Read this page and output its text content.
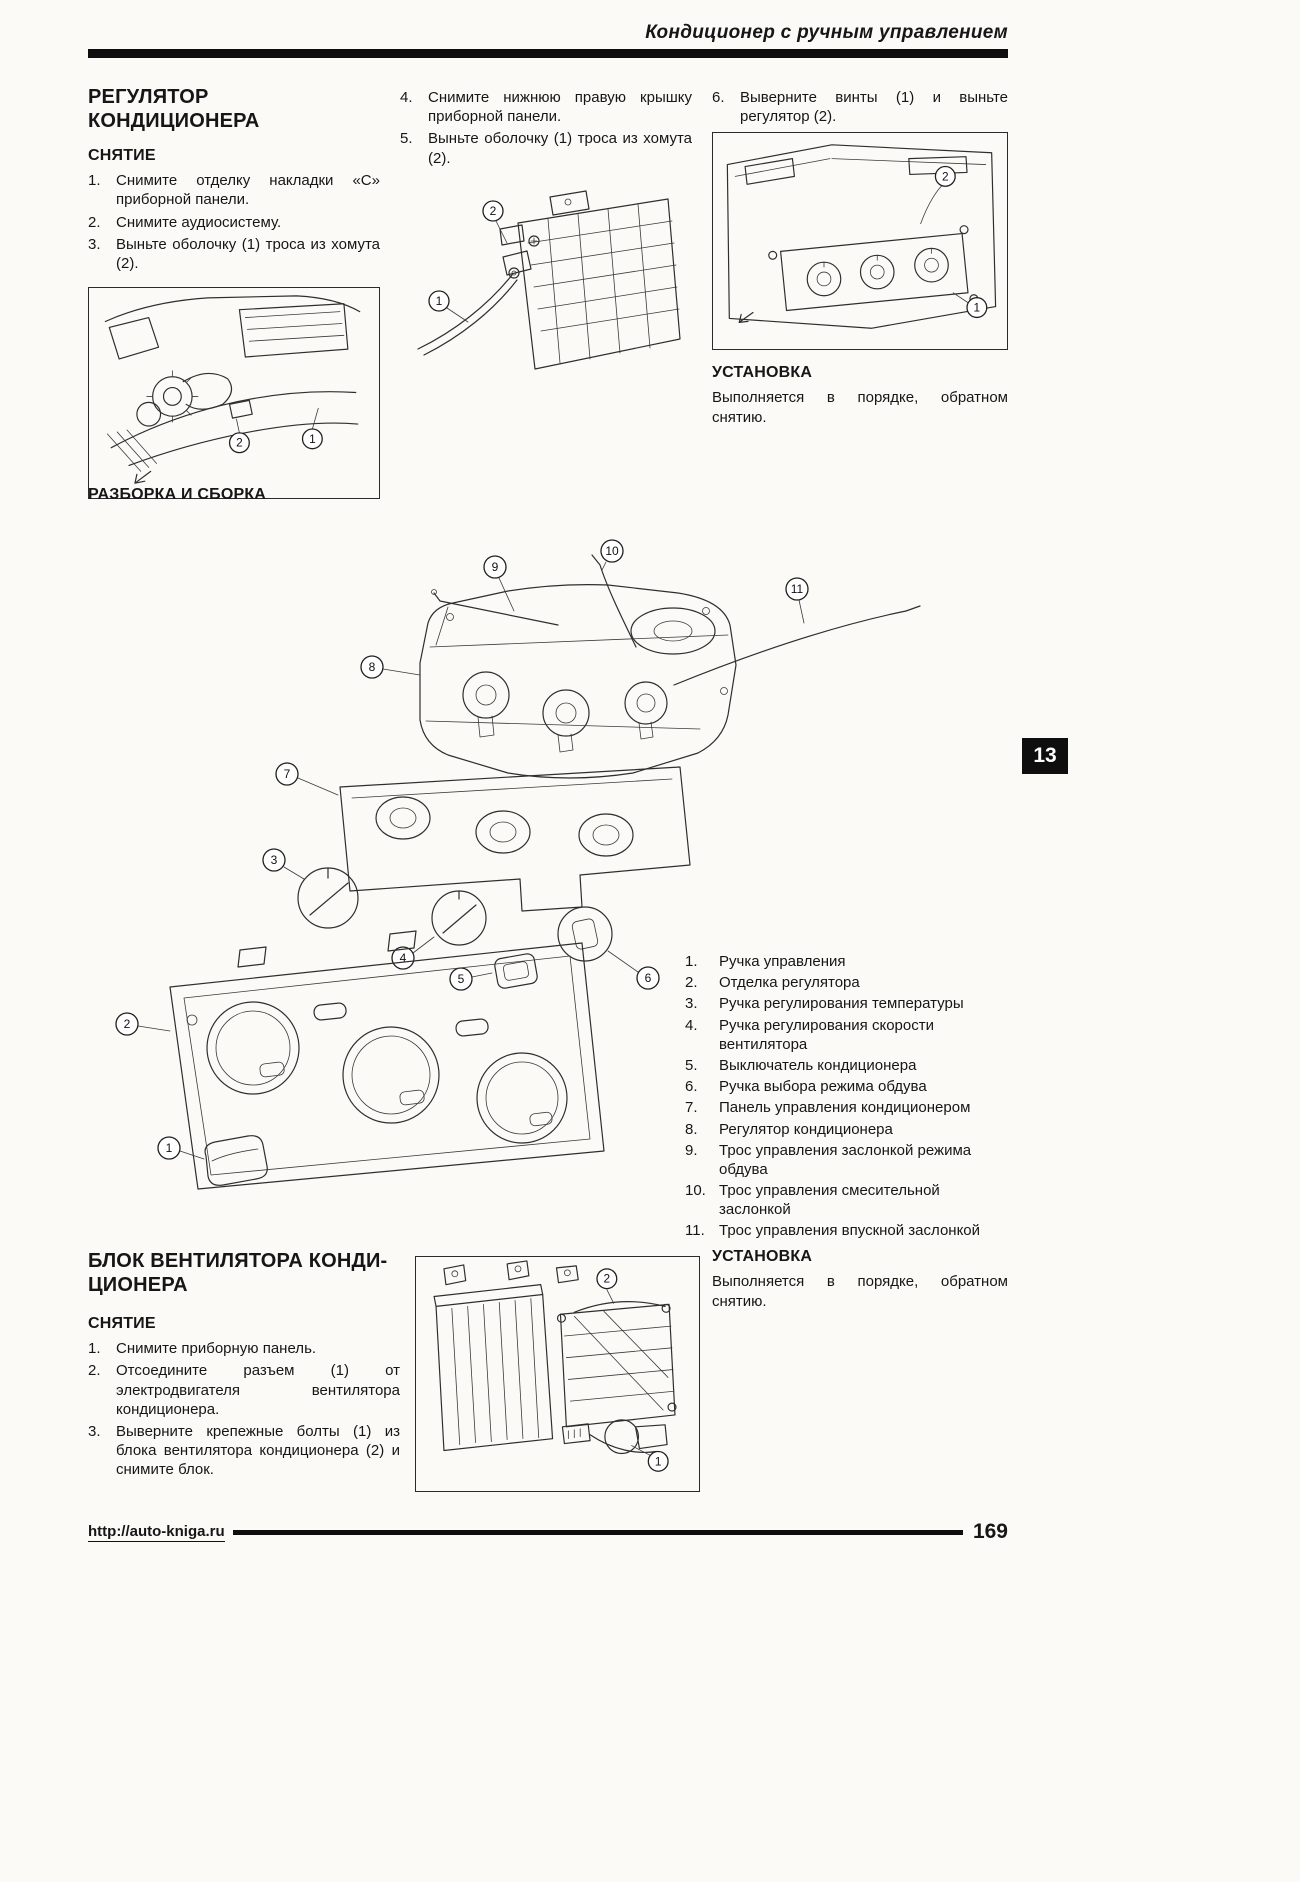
Кондиционер с ручным управлением
РЕГУЛЯТОР КОНДИЦИОНЕРА
СНЯТИЕ
1.	Снимите отделку накладки «С» приборной панели.
2.	Снимите аудиосистему.
3.	Выньте оболочку (1) троса из хомута (2).
2	1
4.	Снимите нижнюю правую крышку приборной панели.
5.	Выньте оболочку (1) троса из хомута (2).
2
1
6.	Выверните винты (1) и выньте регулятор (2).
2
1
УСТАНОВКА
Выполняется в порядке, обратном снятию.
РАЗБОРКА И СБОРКА
9
10
11
8
7
3
4
5	6
2
1
1.	Ручка управления
2.	Отделка регулятора
3.	Ручка регулирования температуры
4.	Ручка регулирования скорости вентилятора
5.	Выключатель кондиционера
6.	Ручка выбора режима обдува
7.	Панель управления кондиционером
8.	Регулятор кондиционера
9.	Трос управления заслонкой режима обдува
10. Трос управления смесительной заслонкой
11. Трос управления впускной заслонкой
13
БЛОК ВЕНТИЛЯТОРА КОНДИ-
ЦИОНЕРА
СНЯТИЕ
1.	Снимите приборную панель.
2.	Отсоедините разъем (1) от электродвигателя вентилятора кондиционера.
3.	Выверните крепежные болты (1) из блока вентилятора кондиционера (2) и снимите блок.
2
1
УСТАНОВКА
Выполняется в порядке, обратном снятию.
http://auto-kniga.ru	169
